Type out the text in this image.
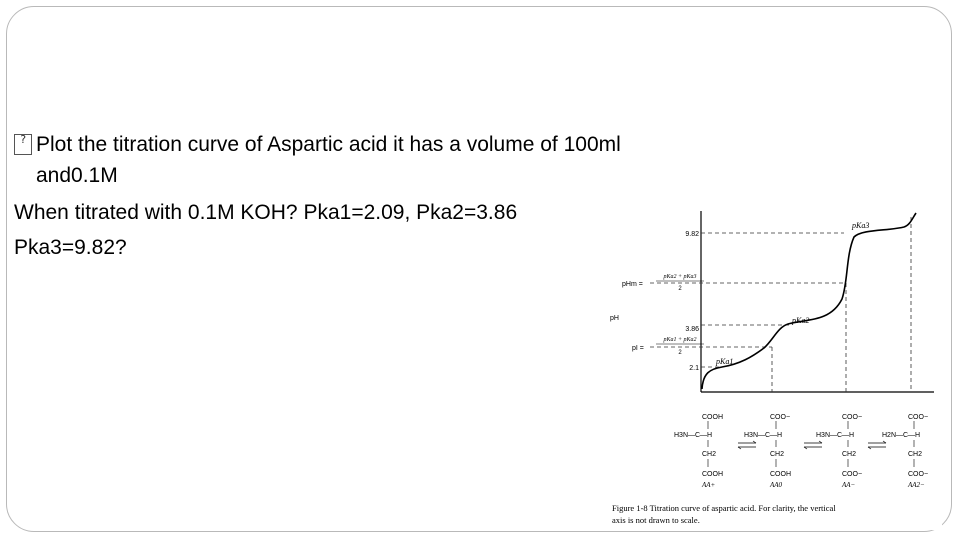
? Plot the titration curve of Aspartic acid it has a volume of 100ml
and0.1M
When titrated with 0.1M KOH? Pka1=2.09, Pka2=3.86
Pka3=9.82?
pKa1
pKa2
pKa3
9.82
3.86
2.1
pH
pHm =
pKa2 + pKa3
2
pI =
pKa1 + pKa2
2
COOH
H3N—C—H
CH2
COOH
AA+
COO−
H3N—C—H
CH2
COOH
AA0
COO−
H3N—C—H
CH2
COO−
AA−
COO−
H2N—C—H
CH2
COO−
AA2−
Figure 1-8 Titration curve of aspartic acid. For clarity, the vertical
axis is not drawn to scale.
